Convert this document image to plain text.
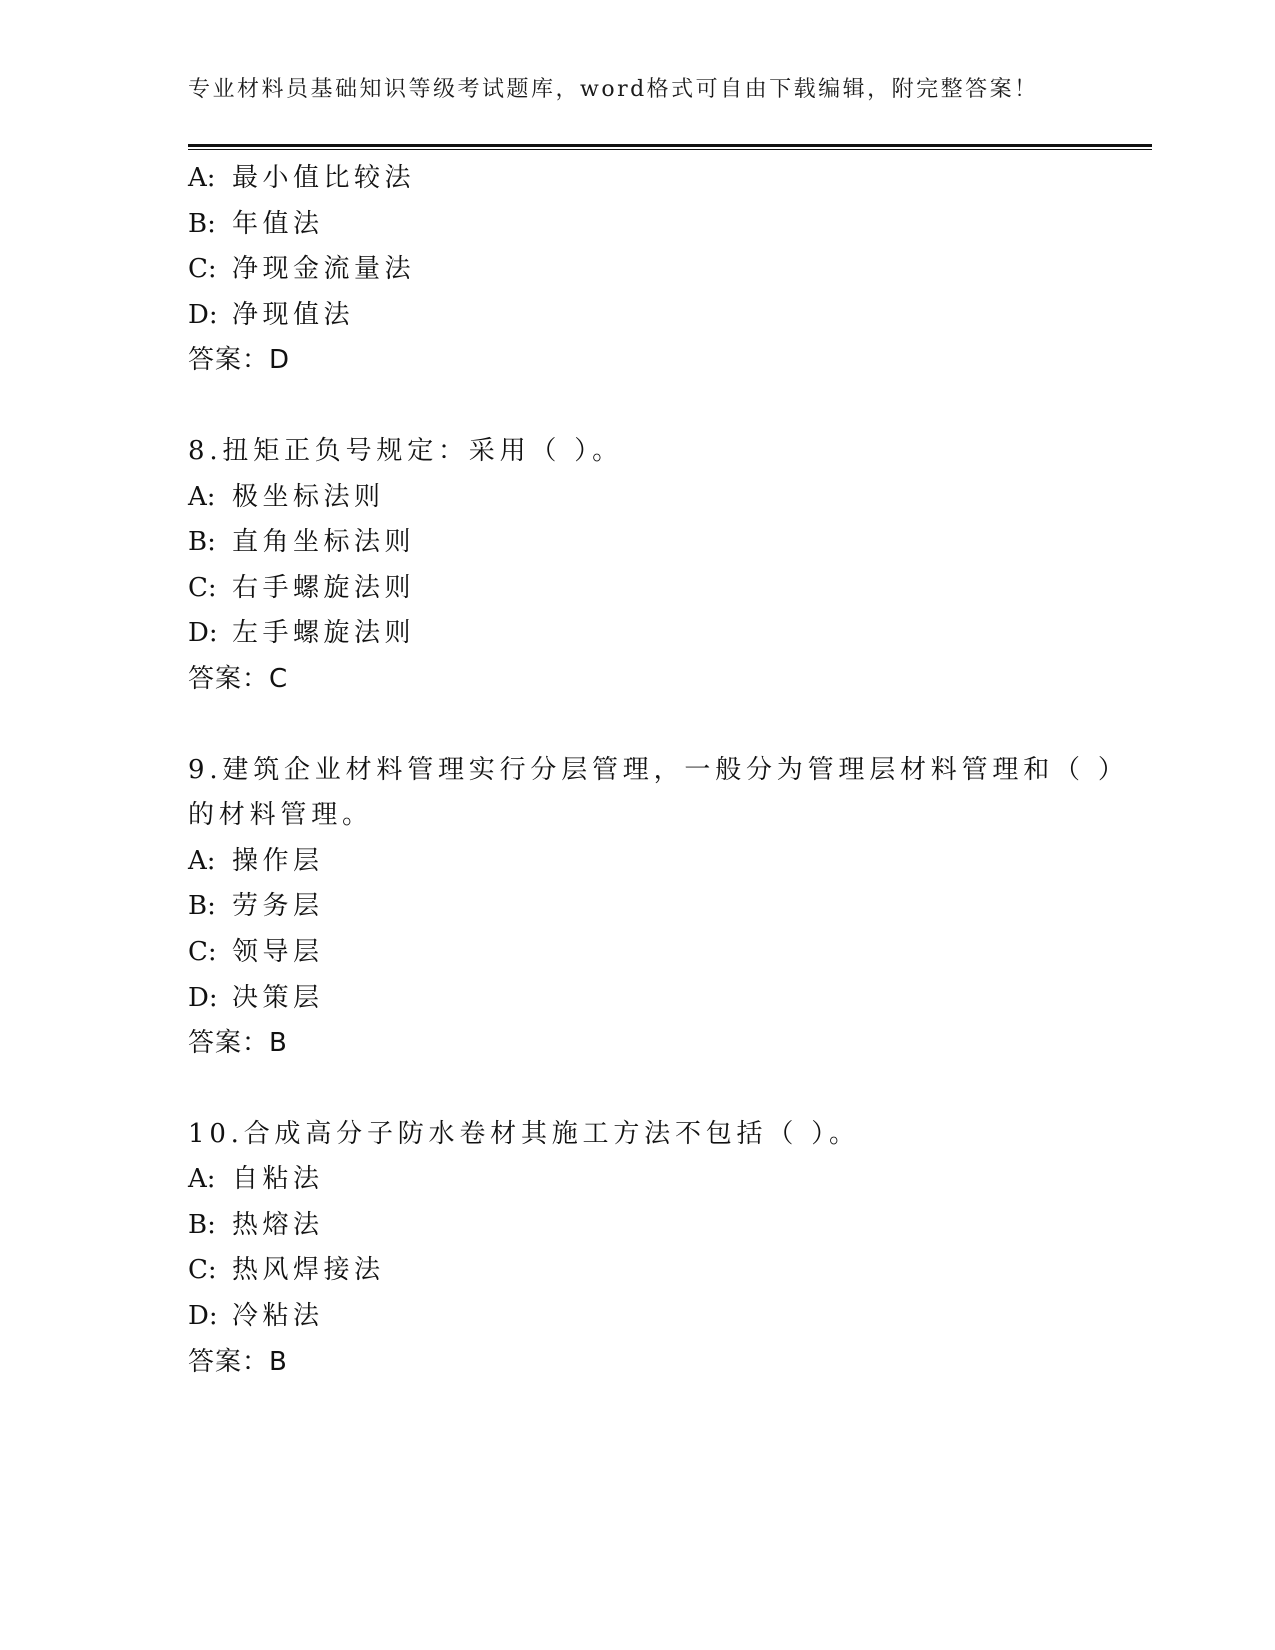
专业材料员基础知识等级考试题库，word格式可自由下载编辑，附完整答案！
A: 最小值比较法
B: 年值法
C: 净现金流量法
D: 净现值法
答案：D
8.扭矩正负号规定：采用（ ）。
A: 极坐标法则
B: 直角坐标法则
C: 右手螺旋法则
D: 左手螺旋法则
答案：C
9.建筑企业材料管理实行分层管理，一般分为管理层材料管理和（ ）
的材料管理。
A: 操作层
B: 劳务层
C: 领导层
D: 决策层
答案：B
10.合成高分子防水卷材其施工方法不包括（ ）。
A: 自粘法
B: 热熔法
C: 热风焊接法
D: 冷粘法
答案：B
